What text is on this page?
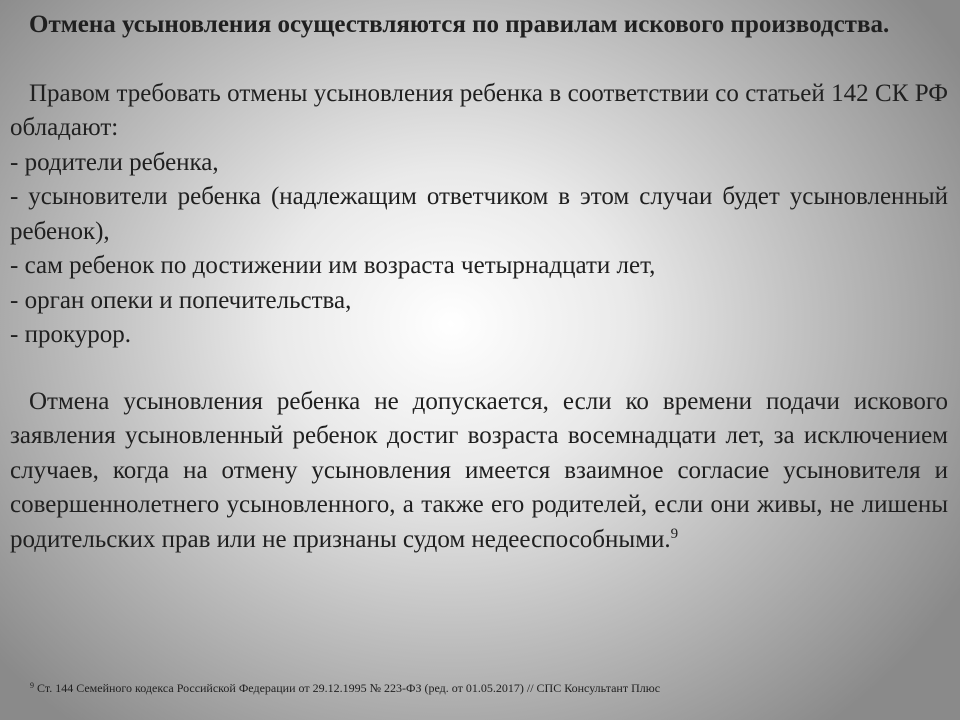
Отмена усыновления осуществляются по правилам искового производства.

Правом требовать отмены усыновления ребенка в соответствии со статьей 142 СК РФ обладают:

- родители ребенка,

- усыновители ребенка (надлежащим ответчиком в этом случаи будет усыновленный ребенок),

- сам ребенок по достижении им возраста четырнадцати лет,

- орган опеки и попечительства,

- прокурор.

Отмена усыновления ребенка не допускается, если ко времени подачи искового заявления усыновленный ребенок достиг возраста восемнадцати лет, за исключением случаев, когда на отмену усыновления имеется взаимное согласие усыновителя и совершеннолетнего усыновленного, а также его родителей, если они живы, не лишены родительских прав или не признаны судом недееспособными.$^9$

$^9$ Ст. 144 Семейного кодекса Российской Федерации от 29.12.1995 № 223-ФЗ (ред. от 01.05.2017) // СПС Консультант Плюс
